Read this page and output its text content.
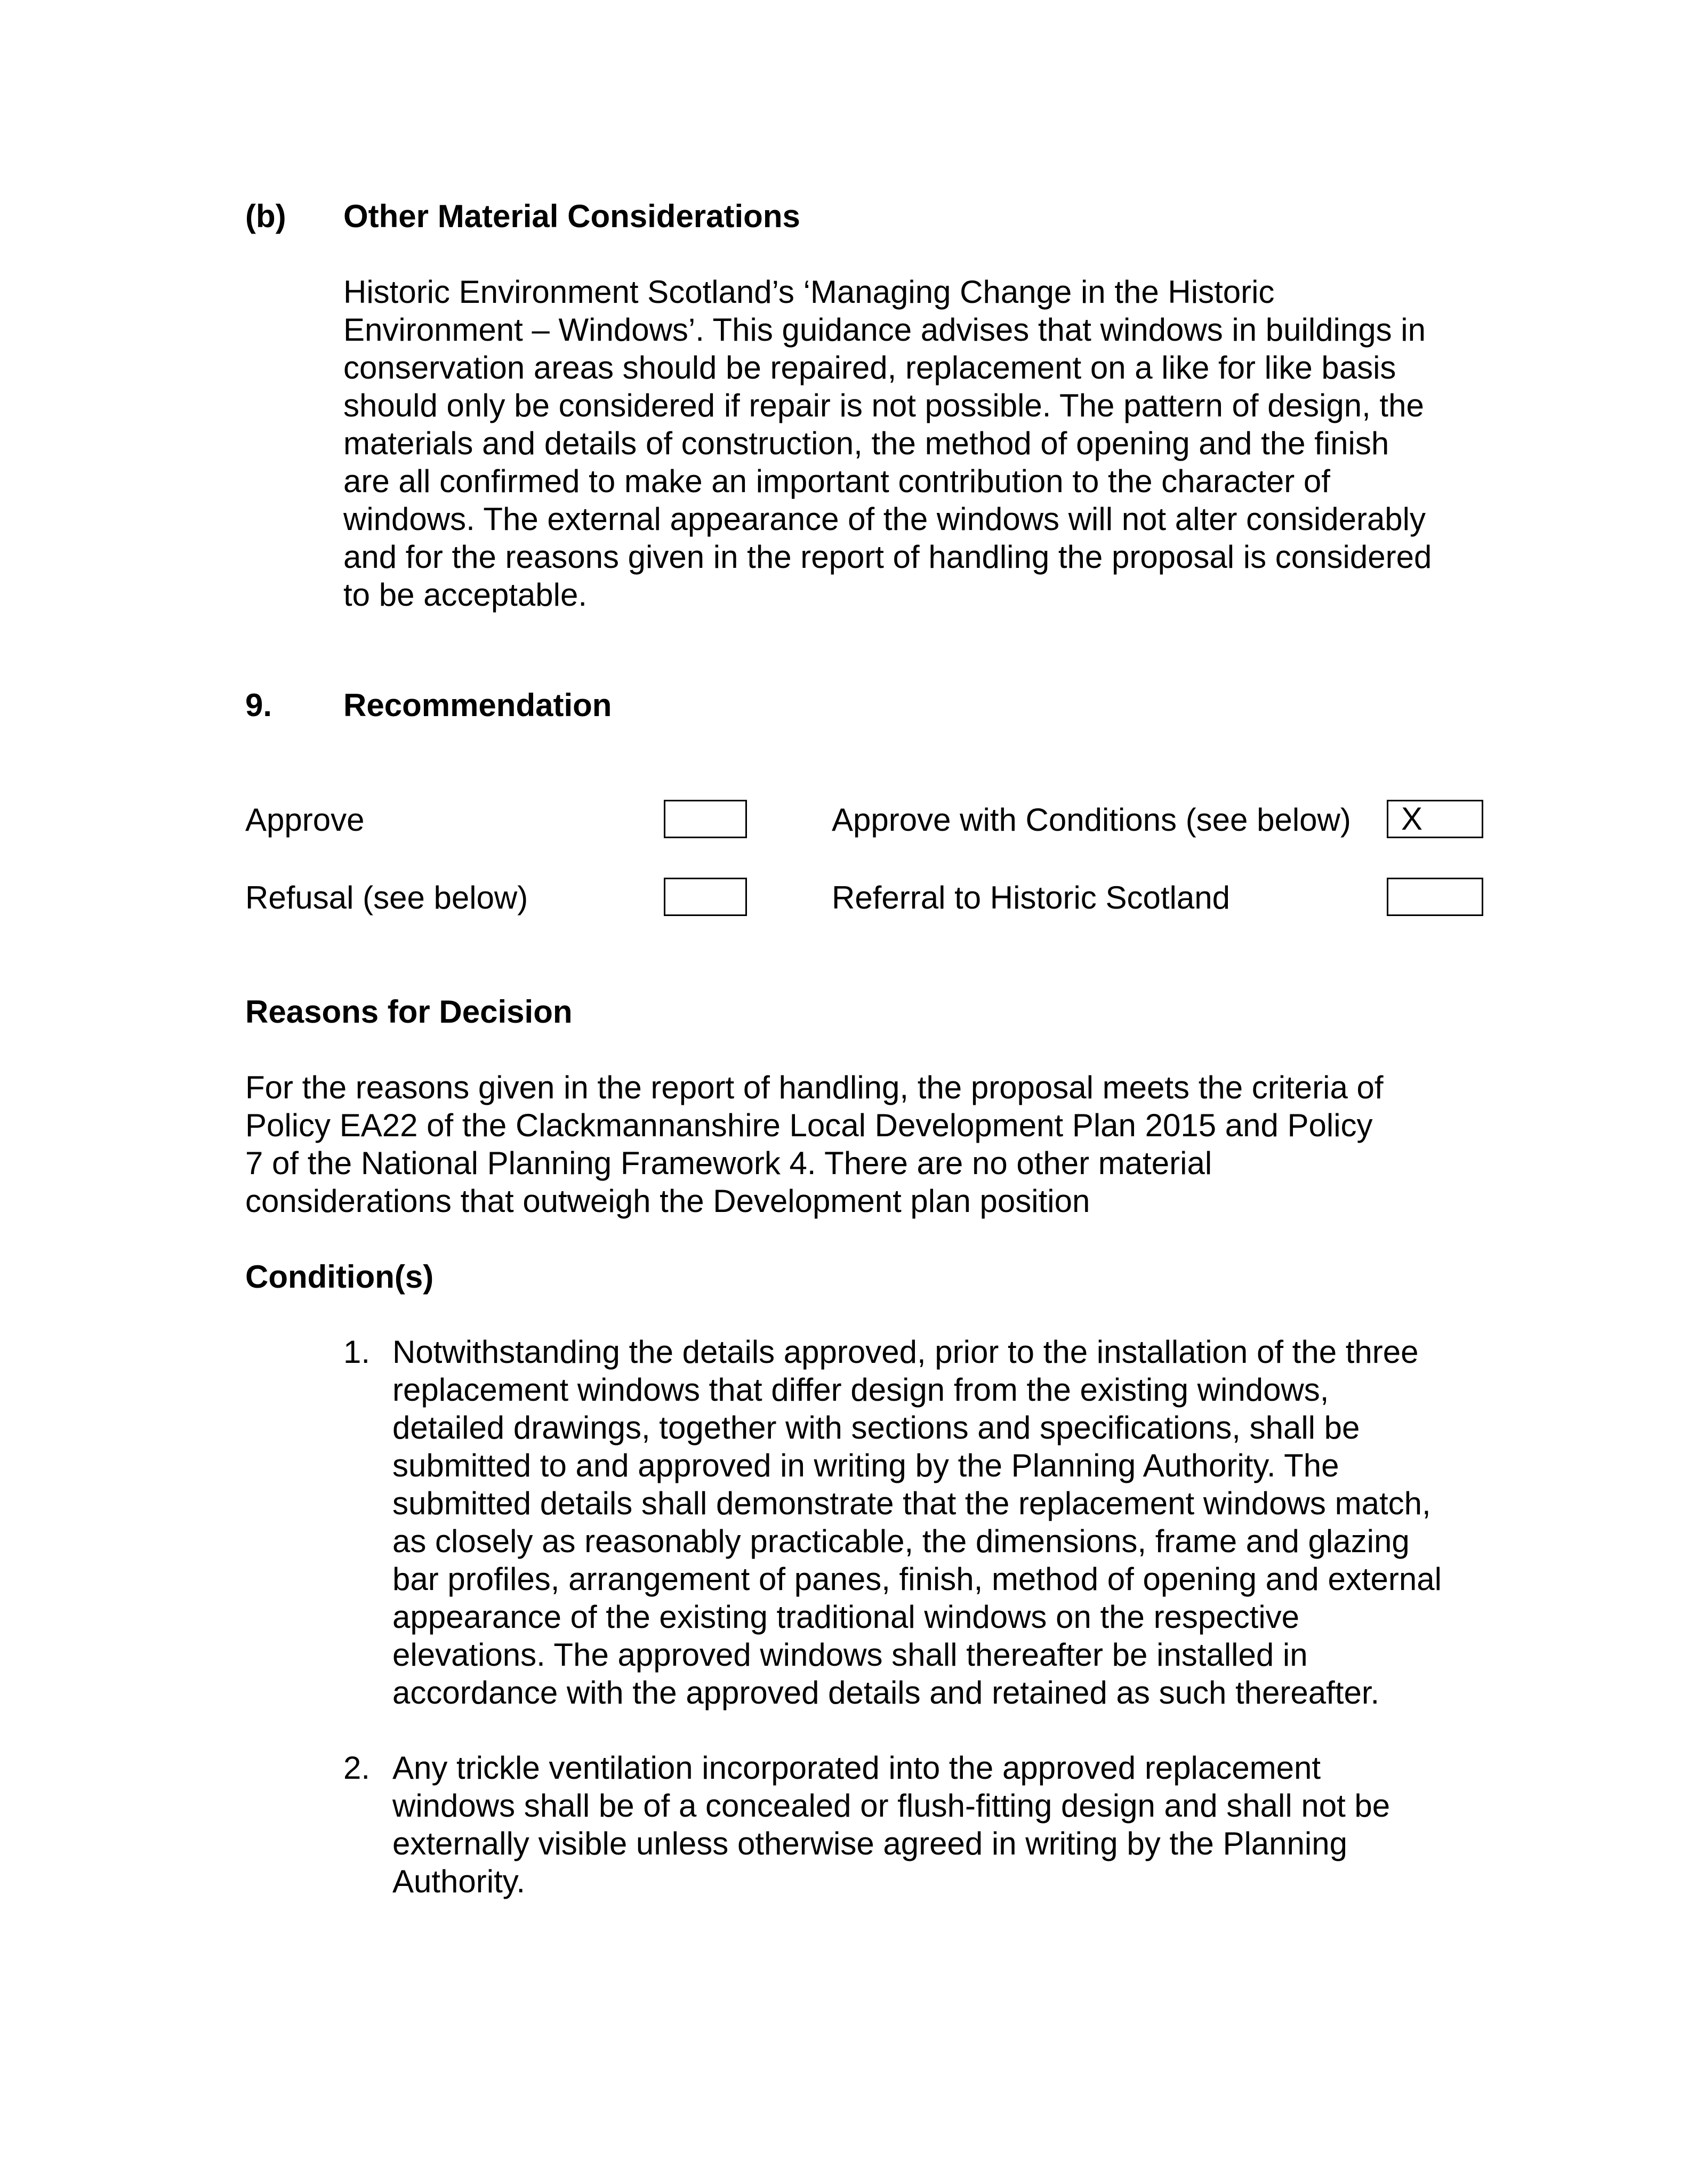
(b) Other Material Considerations
Historic Environment Scotland’s ‘Managing Change in the Historic
Environment – Windows’. This guidance advises that windows in buildings in
conservation areas should be repaired, replacement on a like for like basis
should only be considered if repair is not possible. The pattern of design, the
materials and details of construction, the method of opening and the finish
are all confirmed to make an important contribution to the character of
windows. The external appearance of the windows will not alter considerably
and for the reasons given in the report of handling the proposal is considered
to be acceptable.
9. Recommendation
Approve	Approve with Conditions (see below) X
Refusal (see below)	Referral to Historic Scotland
Reasons for Decision
For the reasons given in the report of handling, the proposal meets the criteria of
Policy EA22 of the Clackmannanshire Local Development Plan 2015 and Policy
7 of the National Planning Framework 4. There are no other material
considerations that outweigh the Development plan position
Condition(s)
1. Notwithstanding the details approved, prior to the installation of the three
replacement windows that differ design from the existing windows,
detailed drawings, together with sections and specifications, shall be
submitted to and approved in writing by the Planning Authority. The
submitted details shall demonstrate that the replacement windows match,
as closely as reasonably practicable, the dimensions, frame and glazing
bar profiles, arrangement of panes, finish, method of opening and external
appearance of the existing traditional windows on the respective
elevations. The approved windows shall thereafter be installed in
accordance with the approved details and retained as such thereafter.
2. Any trickle ventilation incorporated into the approved replacement
windows shall be of a concealed or flush-fitting design and shall not be
externally visible unless otherwise agreed in writing by the Planning
Authority.
